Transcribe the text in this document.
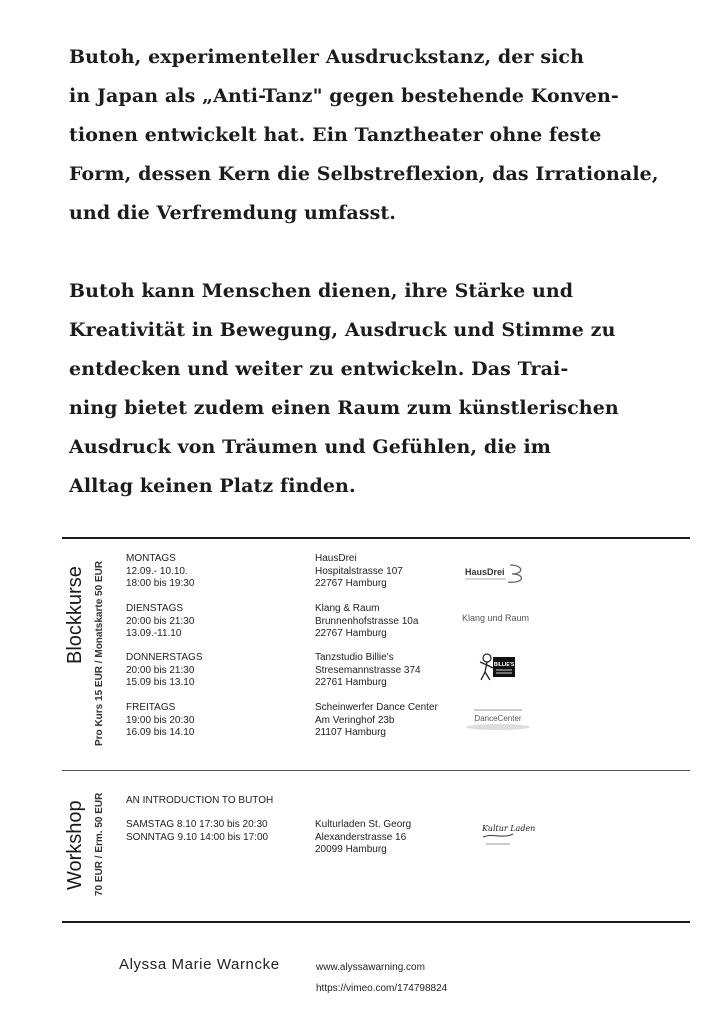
Butoh, experimenteller Ausdruckstanz, der sich
in Japan als „Anti-Tanz" gegen bestehende Konven-
tionen entwickelt hat. Ein Tanztheater ohne feste
Form, dessen Kern die Selbstreflexion, das Irrationale,
und die Verfremdung umfasst.
Butoh kann Menschen dienen, ihre Stärke und
Kreativität in Bewegung, Ausdruck und Stimme zu
entdecken und weiter zu entwickeln. Das Trai-
ning bietet zudem einen Raum zum künstlerischen
Ausdruck von Träumen und Gefühlen, die im
Alltag keinen Platz finden.
Blockkurse Pro Kurs 15 EUR / Monatskarte 50 EUR
MONTAGS
12.09.- 10.10.
18:00 bis 19:30
HausDrei
Hospitalstrasse 107
22767 Hamburg
HausDrei
DIENSTAGS
20:00 bis 21:30
13.09.-11.10
Klang & Raum
Brunnenhofstrasse 10a
22767 Hamburg
Klang und Raum
DONNERSTAGS
20:00 bis 21:30
15.09 bis 13.10
Tanzstudio Billie's
Stresemannstrasse 374
22761 Hamburg
BILLIE'S
FREITAGS
19:00 bis 20:30
16.09 bis 14.10
Scheinwerfer Dance Center
Am Veringhof 23b
21107 Hamburg
DanceCenter
Workshop 70 EUR / Erm. 50 EUR AN INTRODUCTION TO BUTOH
SAMSTAG 8.10 17:30 bis 20:30
SONNTAG 9.10 14:00 bis 17:00
Kulturladen St. Georg
Alexanderstrasse 16
20099 Hamburg
Kultur Laden
Alyssa Marie Warncke	www.alyssawarning.com
https://vimeo.com/174798824
